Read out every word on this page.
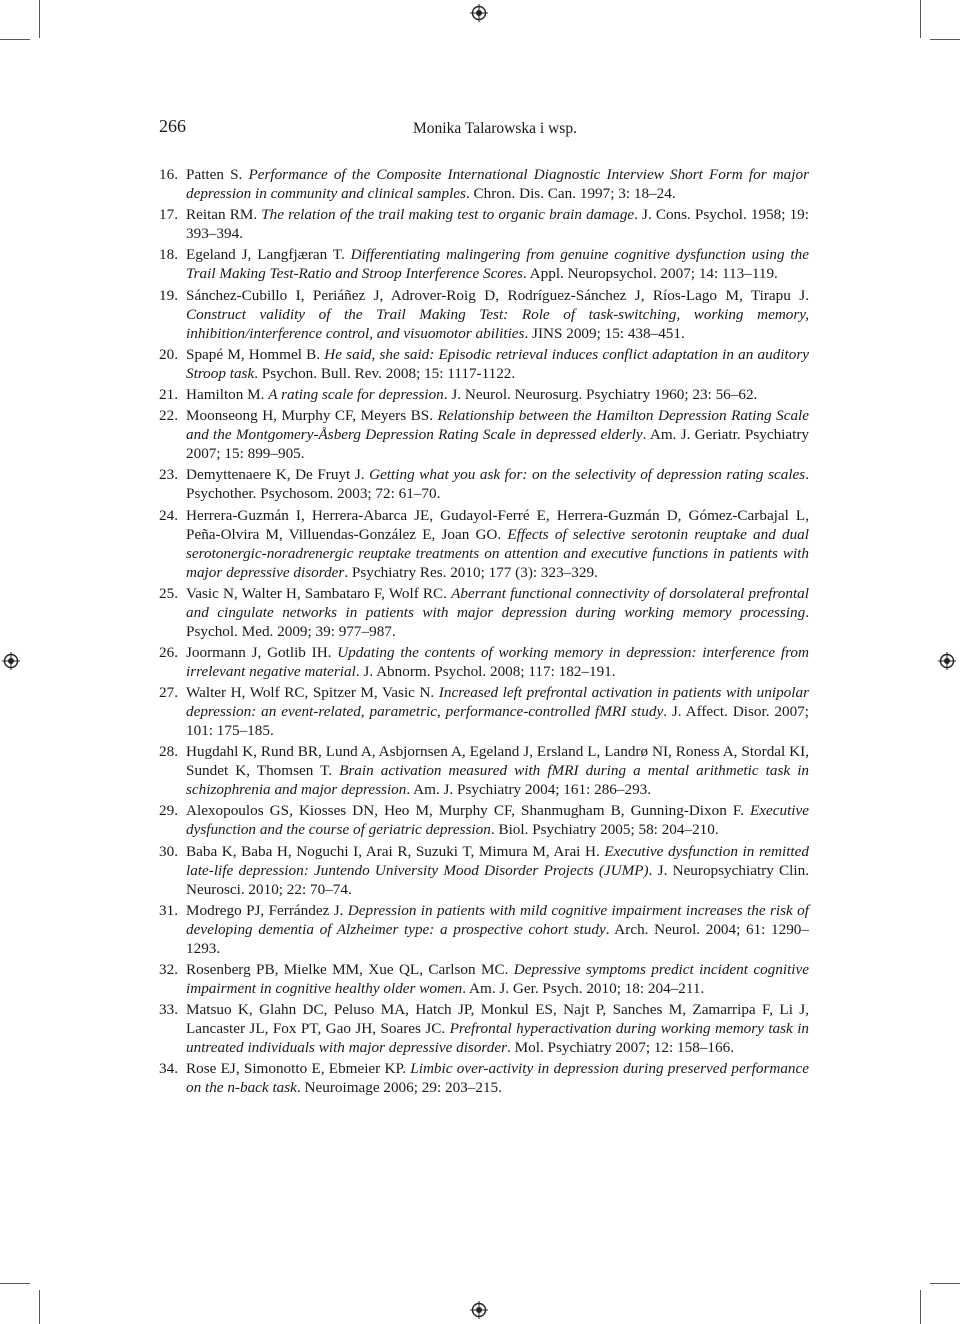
266	Monika Talarowska i wsp.
16. Patten S. Performance of the Composite International Diagnostic Interview Short Form for major depression in community and clinical samples. Chron. Dis. Can. 1997; 3: 18–24.
17. Reitan RM. The relation of the trail making test to organic brain damage. J. Cons. Psychol. 1958; 19: 393–394.
18. Egeland J, Langfjæran T. Differentiating malingering from genuine cognitive dysfunction using the Trail Making Test-Ratio and Stroop Interference Scores. Appl. Neuropsychol. 2007; 14: 113–119.
19. Sánchez-Cubillo I, Periáñez J, Adrover-Roig D, Rodríguez-Sánchez J, Ríos-Lago M, Tirapu J. Construct validity of the Trail Making Test: Role of task-switching, working memory, inhibition/interference control, and visuomotor abilities. JINS 2009; 15: 438–451.
20. Spapé M, Hommel B. He said, she said: Episodic retrieval induces conflict adaptation in an auditory Stroop task. Psychon. Bull. Rev. 2008; 15: 1117-1122.
21. Hamilton M. A rating scale for depression. J. Neurol. Neurosurg. Psychiatry 1960; 23: 56–62.
22. Moonseong H, Murphy CF, Meyers BS. Relationship between the Hamilton Depression Rating Scale and the Montgomery-Åsberg Depression Rating Scale in depressed elderly. Am. J. Geriatr. Psychiatry 2007; 15: 899–905.
23. Demyttenaere K, De Fruyt J. Getting what you ask for: on the selectivity of depression rating scales. Psychother. Psychosom. 2003; 72: 61–70.
24. Herrera-Guzmán I, Herrera-Abarca JE, Gudayol-Ferré E, Herrera-Guzmán D, Gómez-Carbajal L, Peña-Olvira M, Villuendas-González E, Joan GO. Effects of selective serotonin reuptake and dual serotonergic-noradrenergic reuptake treatments on attention and executive functions in patients with major depressive disorder. Psychiatry Res. 2010; 177 (3): 323–329.
25. Vasic N, Walter H, Sambataro F, Wolf RC. Aberrant functional connectivity of dorsolateral prefrontal and cingulate networks in patients with major depression during working memory processing. Psychol. Med. 2009; 39: 977–987.
26. Joormann J, Gotlib IH. Updating the contents of working memory in depression: interference from irrelevant negative material. J. Abnorm. Psychol. 2008; 117: 182–191.
27. Walter H, Wolf RC, Spitzer M, Vasic N. Increased left prefrontal activation in patients with unipolar depression: an event-related, parametric, performance-controlled fMRI study. J. Affect. Disor. 2007; 101: 175–185.
28. Hugdahl K, Rund BR, Lund A, Asbjornsen A, Egeland J, Ersland L, Landrø NI, Roness A, Stordal KI, Sundet K, Thomsen T. Brain activation measured with fMRI during a mental arithmetic task in schizophrenia and major depression. Am. J. Psychiatry 2004; 161: 286–293.
29. Alexopoulos GS, Kiosses DN, Heo M, Murphy CF, Shanmugham B, Gunning-Dixon F. Executive dysfunction and the course of geriatric depression. Biol. Psychiatry 2005; 58: 204–210.
30. Baba K, Baba H, Noguchi I, Arai R, Suzuki T, Mimura M, Arai H. Executive dysfunction in remitted late-life depression: Juntendo University Mood Disorder Projects (JUMP). J. Neuropsychiatry Clin. Neurosci. 2010; 22: 70–74.
31. Modrego PJ, Ferrández J. Depression in patients with mild cognitive impairment increases the risk of developing dementia of Alzheimer type: a prospective cohort study. Arch. Neurol. 2004; 61: 1290–1293.
32. Rosenberg PB, Mielke MM, Xue QL, Carlson MC. Depressive symptoms predict incident cognitive impairment in cognitive healthy older women. Am. J. Ger. Psych. 2010; 18: 204–211.
33. Matsuo K, Glahn DC, Peluso MA, Hatch JP, Monkul ES, Najt P, Sanches M, Zamarripa F, Li J, Lancaster JL, Fox PT, Gao JH, Soares JC. Prefrontal hyperactivation during working memory task in untreated individuals with major depressive disorder. Mol. Psychiatry 2007; 12: 158–166.
34. Rose EJ, Simonotto E, Ebmeier KP. Limbic over-activity in depression during preserved performance on the n-back task. Neuroimage 2006; 29: 203–215.
